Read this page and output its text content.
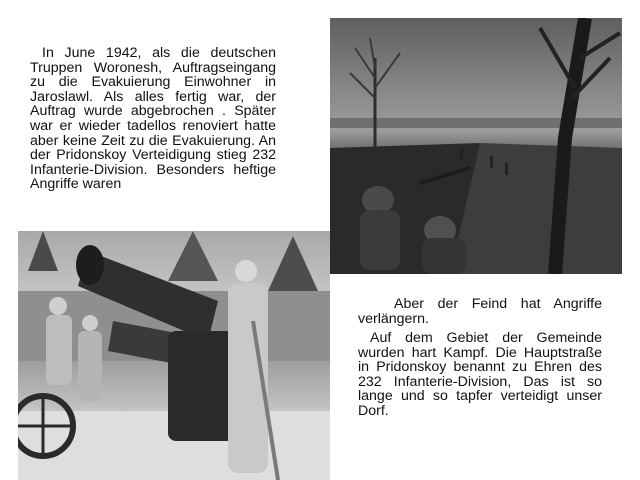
In June 1942, als die deutschen Truppen Woronesh, Auftragseingang zu die Evakuierung Einwohner in Jaroslawl. Als alles fertig war, der Auftrag wurde abgebrochen . Später war er wieder tadellos renoviert hatte aber keine Zeit zu die Evakuierung. An der Pridonskoy Verteidigung stieg 232 Infanterie-Division. Besonders heftige Angriffe waren

Aber der Feind hat Angriffe verlängern.

Auf dem Gebiet der Gemeinde wurden hart Kampf. Die Hauptstraße in Pridonskoy benannt zu Ehren des 232 Infanterie-Division, Das ist so lange und so tapfer verteidigt unser Dorf.
